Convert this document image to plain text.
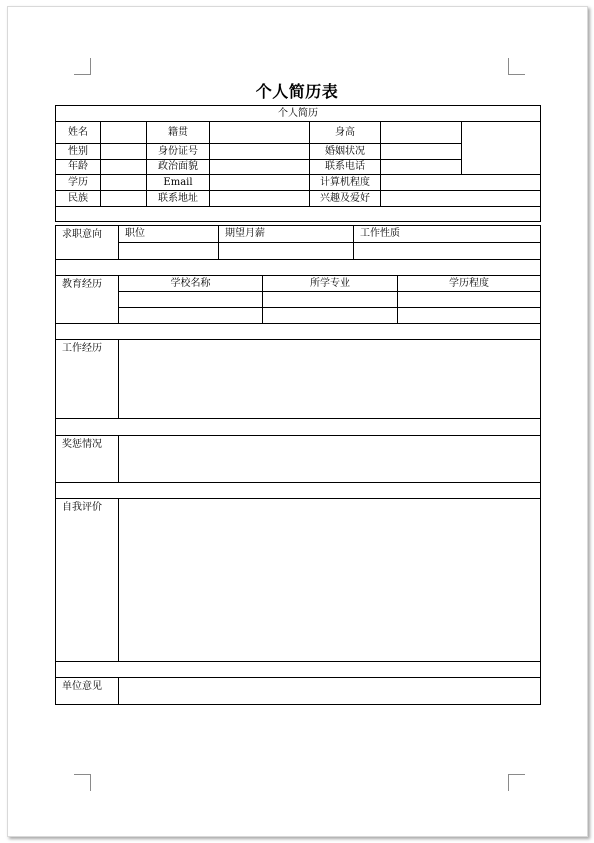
个人简历表
个人简历						
姓名		籍贯		身高		
性别		身份证号		婚姻状况		
年龄		政治面貌		联系电话		
学历		Email		计算机程度		
民族		联系地址		兴趣及爱好		

求职意向	职位	期望月薪	工作性质

教育经历	学校名称	所学专业	学历程度

工作经历	

奖惩情况	

自我评价	

单位意见	
